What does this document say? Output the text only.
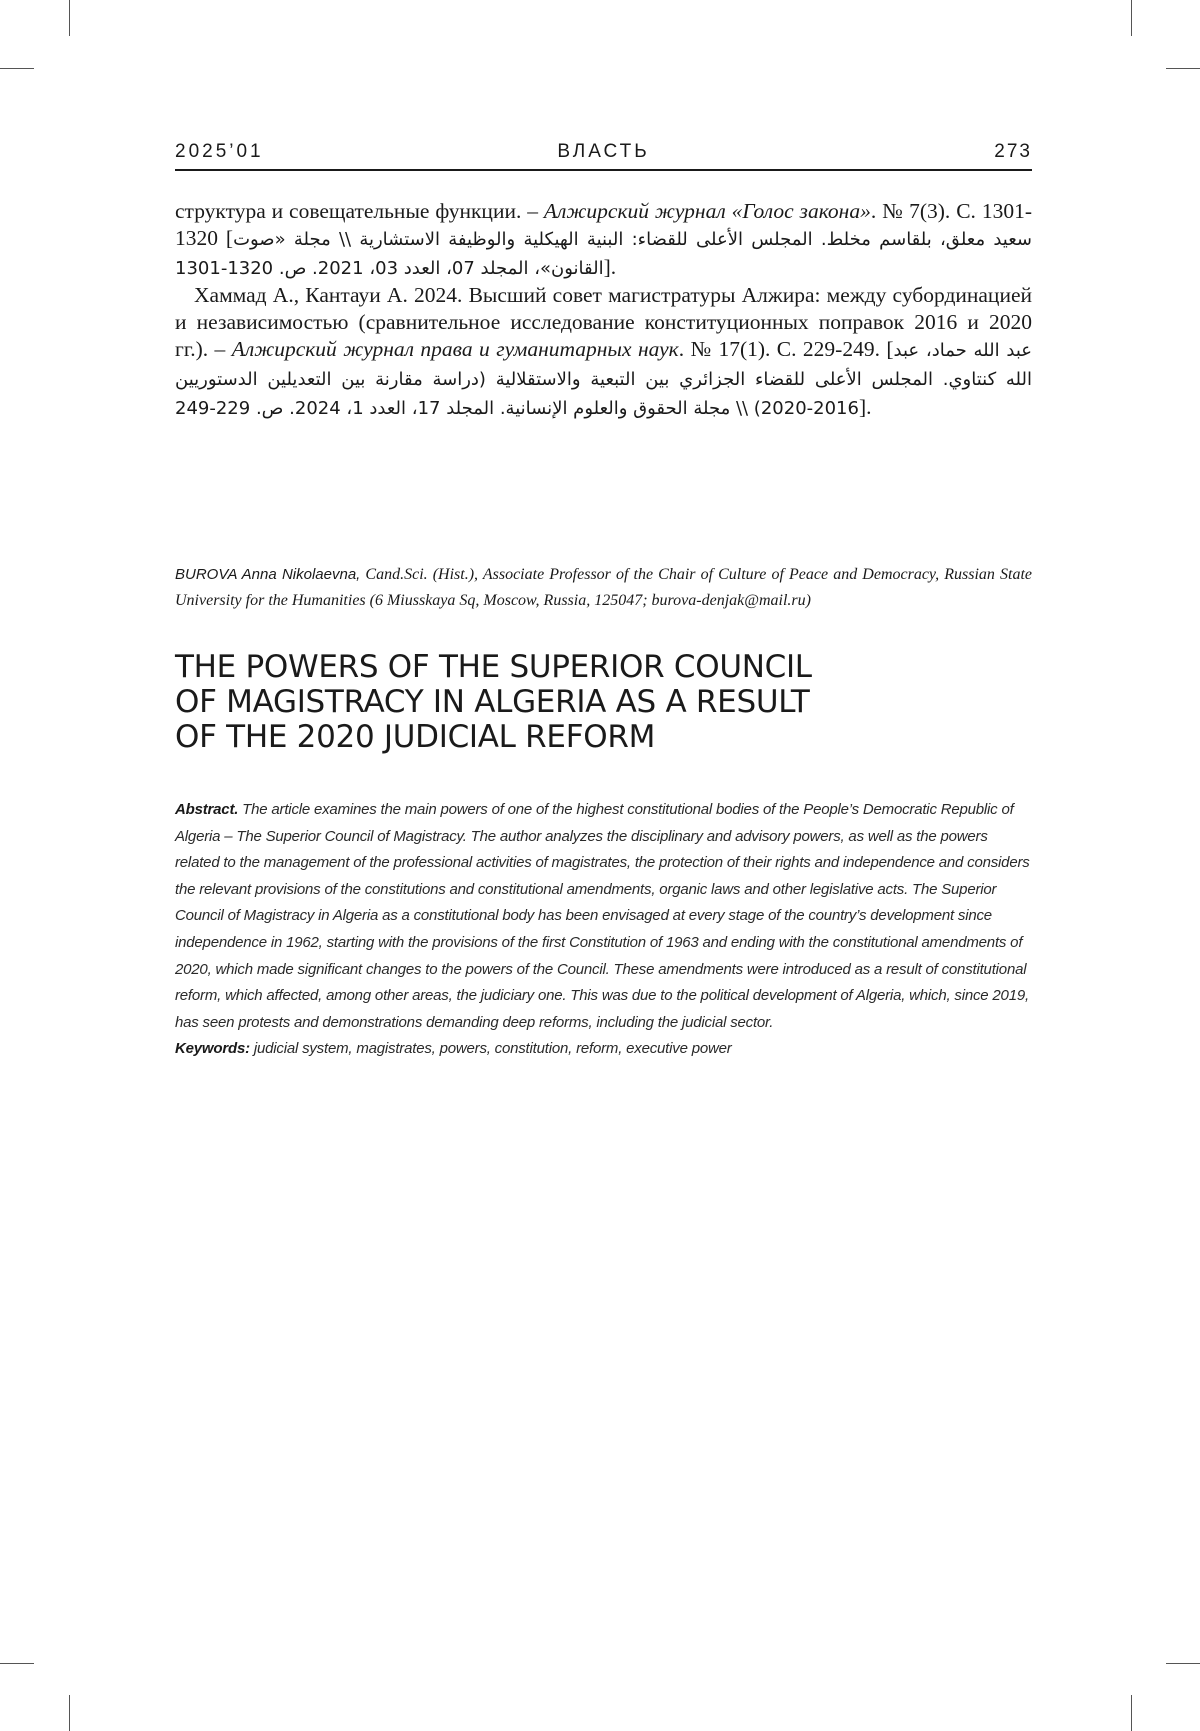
2025’01	ВЛАСТЬ	273

структура и совещательные функции. – Алжирский журнал «Голос закона». № 7(3). С. 1301-1320 [سعيد معلق، بلقاسم مخلط. المجلس الأعلى للقضاء: البنية الهيكلية والوظيفة الاستشارية \\ مجلة «صوت القانون»، المجلد 07، العدد 03، 2021. ص. 1320-1301].

Хаммад А., Кантауи А. 2024. Высший совет магистратуры Алжира: между субординацией и независимостью (сравнительное исследование конституционных поправок 2016 и 2020 гг.). – Алжирский журнал права и гуманитарных наук. № 17(1). С. 229-249. [عبد الله حماد، عبد الله كنتاوي. المجلس الأعلى للقضاء الجزائري بين التبعية والاستقلالية (دراسة مقارنة بين التعديلين الدستوريين 2016-2020) \\ مجلة الحقوق والعلوم الإنسانية. المجلد 17، العدد 1، 2024. ص. 229-249].

BUROVA Anna Nikolaevna, Cand.Sci. (Hist.), Associate Professor of the Chair of Culture of Peace and Democracy, Russian State University for the Humanities (6 Miusskaya Sq, Moscow, Russia, 125047; burova-denjak@mail.ru)
THE POWERS OF THE SUPERIOR COUNCIL
OF MAGISTRACY IN ALGERIA AS A RESULT
OF THE 2020 JUDICIAL REFORM

Abstract. The article examines the main powers of one of the highest constitutional bodies of the People’s Democratic Republic of Algeria – The Superior Council of Magistracy. The author analyzes the disciplinary and advisory powers, as well as the powers related to the management of the professional activities of magistrates, the protection of their rights and independence and considers the relevant provisions of the constitutions and constitutional amendments, organic laws and other legislative acts. The Superior Council of Magistracy in Algeria as a constitutional body has been envisaged at every stage of the country’s development since independence in 1962, starting with the provisions of the first Constitution of 1963 and ending with the constitutional amendments of 2020, which made significant changes to the powers of the Council. These amendments were introduced as a result of constitutional reform, which affected, among other areas, the judiciary one. This was due to the political development of Algeria, which, since 2019, has seen protests and demonstrations demanding deep reforms, including the judicial sector.

Keywords: judicial system, magistrates, powers, constitution, reform, executive power
